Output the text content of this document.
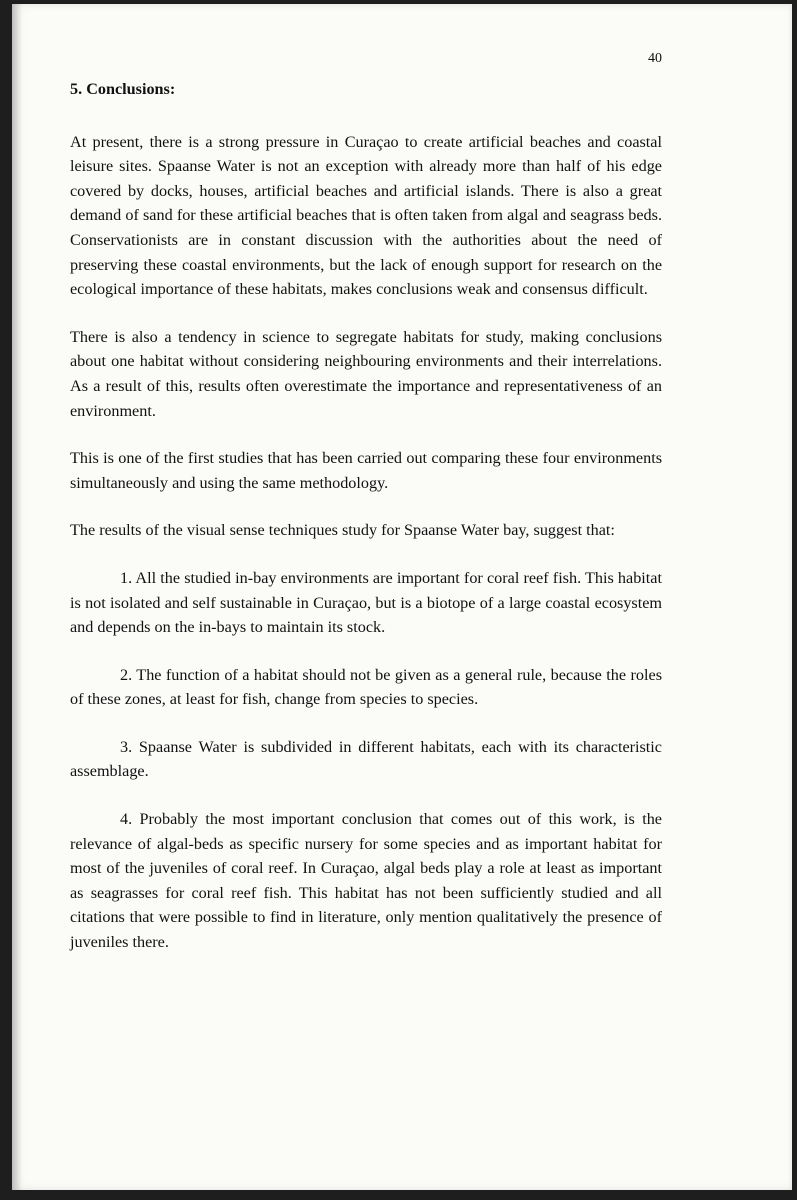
40
5. Conclusions:

At present, there is a strong pressure in Curaçao to create artificial beaches and coastal leisure sites. Spaanse Water is not an exception with already more than half of his edge covered by docks, houses, artificial beaches and artificial islands. There is also a great demand of sand for these artificial beaches that is often taken from algal and seagrass beds. Conservationists are in constant discussion with the authorities about the need of preserving these coastal environments, but the lack of enough support for research on the ecological importance of these habitats, makes conclusions weak and consensus difficult.

There is also a tendency in science to segregate habitats for study, making conclusions about one habitat without considering neighbouring environments and their interrelations. As a result of this, results often overestimate the importance and representativeness of an environment.

This is one of the first studies that has been carried out comparing these four environments simultaneously and using the same methodology.

The results of the visual sense techniques study for Spaanse Water bay, suggest that:

1. All the studied in-bay environments are important for coral reef fish. This habitat is not isolated and self sustainable in Curaçao, but is a biotope of a large coastal ecosystem and depends on the in-bays to maintain its stock.

2. The function of a habitat should not be given as a general rule, because the roles of these zones, at least for fish, change from species to species.

3. Spaanse Water is subdivided in different habitats, each with its characteristic assemblage.

4. Probably the most important conclusion that comes out of this work, is the relevance of algal-beds as specific nursery for some species and as important habitat for most of the juveniles of coral reef. In Curaçao, algal beds play a role at least as important as seagrasses for coral reef fish. This habitat has not been sufficiently studied and all citations that were possible to find in literature, only mention qualitatively the presence of juveniles there.
